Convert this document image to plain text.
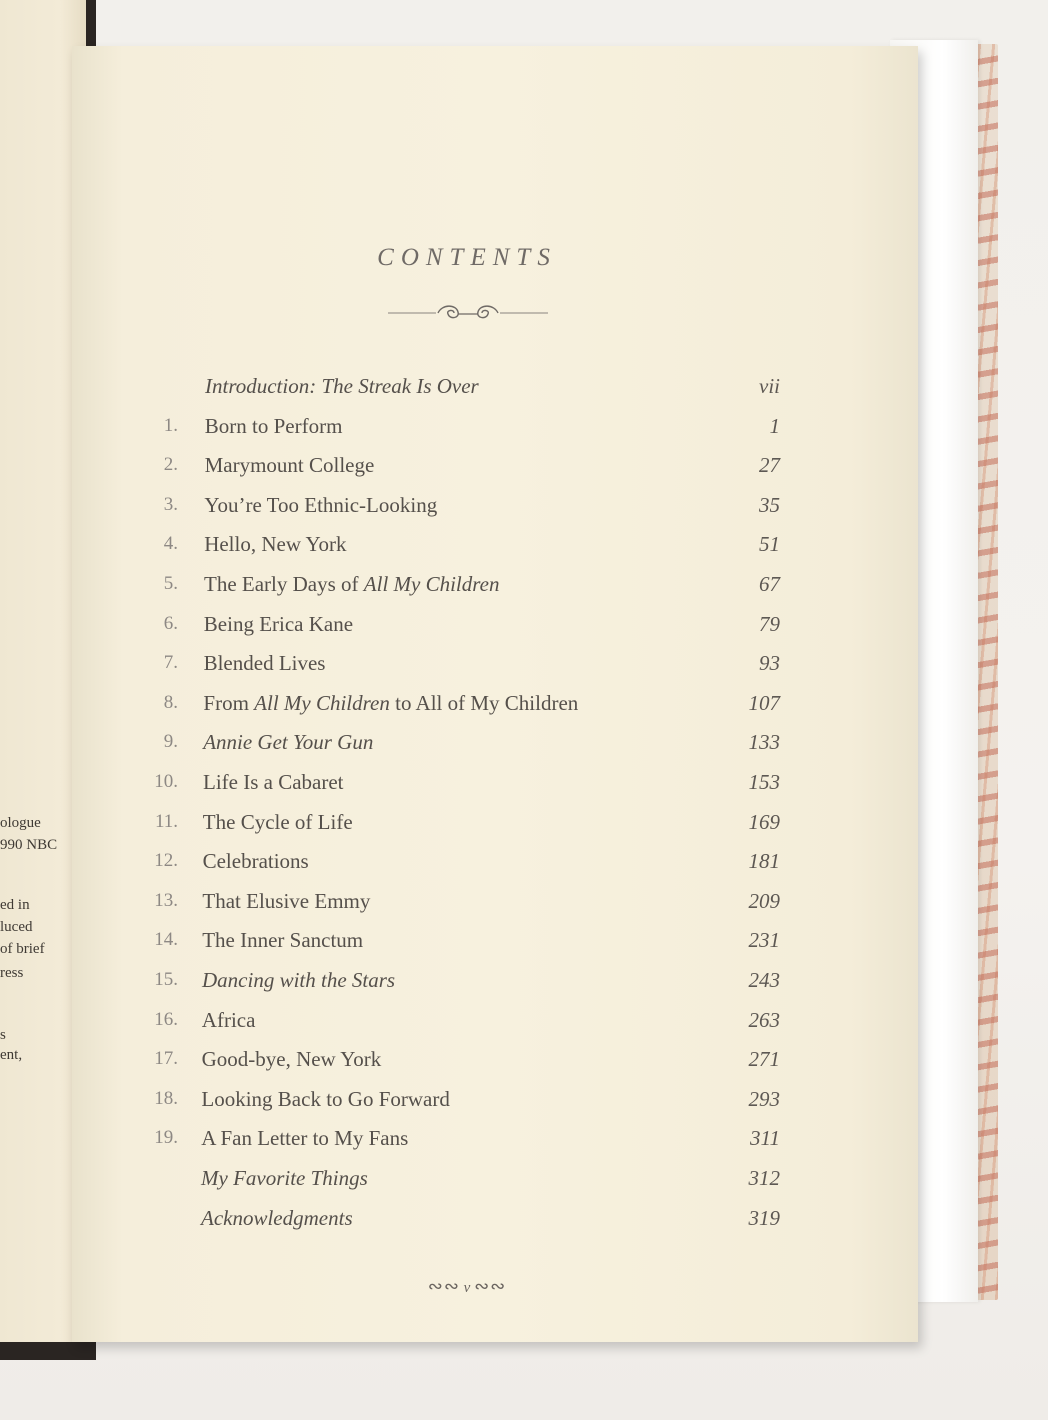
ologue
990 NBC
ed in
luced
of brief
ress
s
ent,
CONTENTS
Introduction: The Streak Is Over	vii
1. Born to Perform	1
2. Marymount College	27
3. You’re Too Ethnic-Looking	35
4. Hello, New York	51
5. The Early Days of All My Children	67
6. Being Erica Kane	79
7. Blended Lives	93
8. From All My Children to All of My Children	107
9. Annie Get Your Gun	133
10. Life Is a Cabaret	153
11. The Cycle of Life	169
12. Celebrations	181
13. That Elusive Emmy	209
14. The Inner Sanctum	231
15. Dancing with the Stars	243
16. Africa	263
17. Good-bye, New York	271
18. Looking Back to Go Forward	293
19. A Fan Letter to My Fans	311
My Favorite Things	312
Acknowledgments	319
∾∾ v ∾∾
